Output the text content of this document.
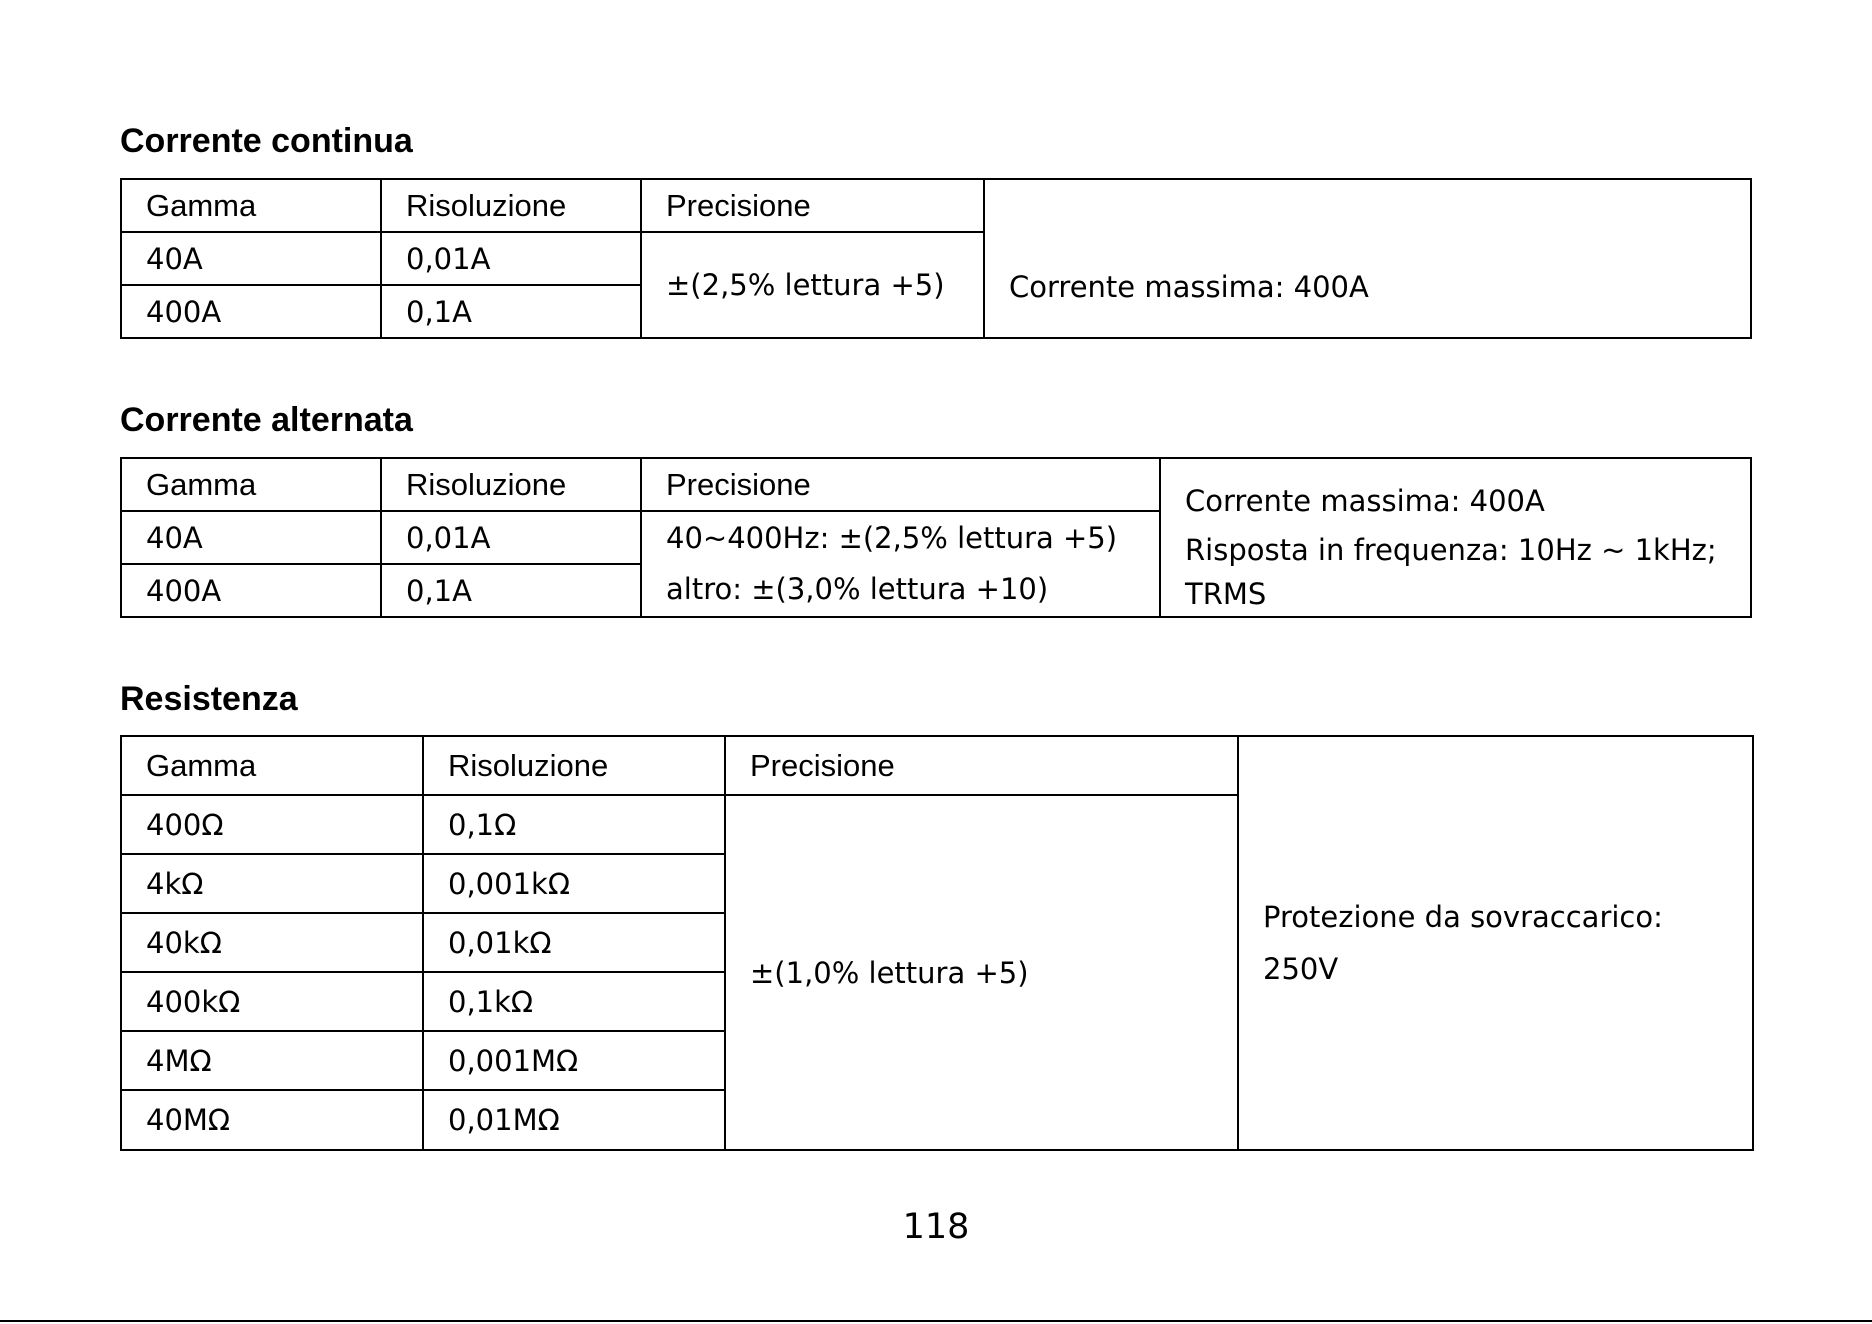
Corrente continua
Gamma	Risoluzione	Precisione	Corrente massima: 400A

40A	0,01A	±(2,5% lettura +5)	
400A	0,1A		
Corrente alternata
Gamma	Risoluzione	Precisione	Corrente massima: 400A
Risposta in frequenza: 10Hz ~ 1kHz;
TRMS

40A	0,01A	40~400Hz: ±(2,5% lettura +5)
altro: ±(3,0% lettura +10)	

400A	0,1A		
Resistenza
Gamma	Risoluzione	Precisione	Protezione da sovraccarico:
250V

400Ω	0,1Ω	±(1,0% lettura +5)	
4kΩ	0,001kΩ		
40kΩ	0,01kΩ		
400kΩ	0,1kΩ		
4MΩ	0,001MΩ		
40MΩ	0,01MΩ		
118
